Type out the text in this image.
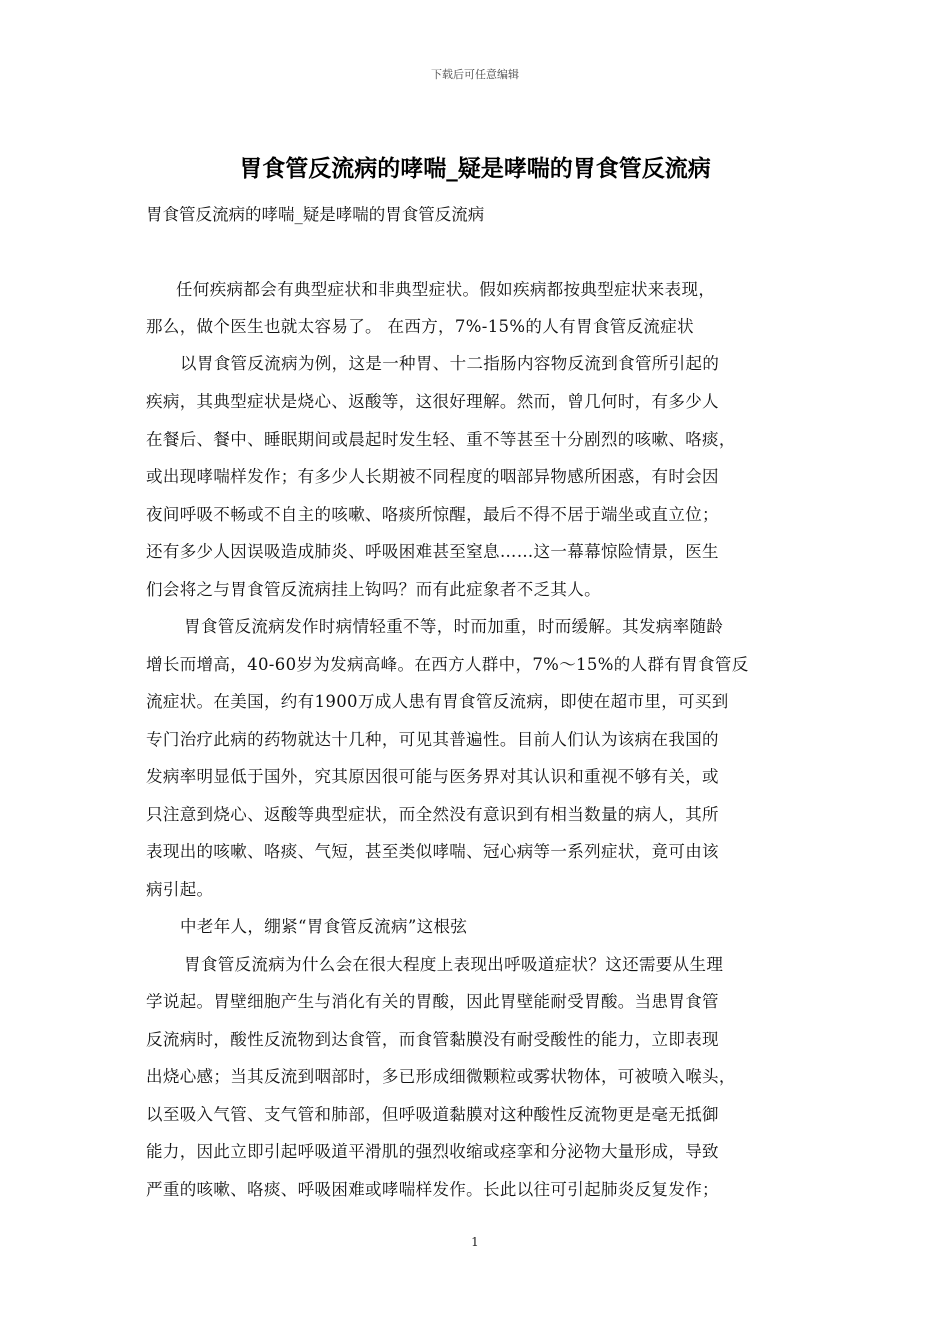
下载后可任意编辑
胃食管反流病的哮喘_疑是哮喘的胃食管反流病
胃食管反流病的哮喘_疑是哮喘的胃食管反流病
任何疾病都会有典型症状和非典型症状。假如疾病都按典型症状来表现，
那么，做个医生也就太容易了。 在西方，7%-15%的人有胃食管反流症状
以胃食管反流病为例，这是一种胃、十二指肠内容物反流到食管所引起的
疾病，其典型症状是烧心、返酸等，这很好理解。然而，曾几何时，有多少人
在餐后、餐中、睡眠期间或晨起时发生轻、重不等甚至十分剧烈的咳嗽、咯痰，
或出现哮喘样发作；有多少人长期被不同程度的咽部异物感所困惑，有时会因
夜间呼吸不畅或不自主的咳嗽、咯痰所惊醒，最后不得不居于端坐或直立位；
还有多少人因误吸造成肺炎、呼吸困难甚至窒息……这一幕幕惊险情景，医生
们会将之与胃食管反流病挂上钩吗？而有此症象者不乏其人。
胃食管反流病发作时病情轻重不等，时而加重，时而缓解。其发病率随龄
增长而增高，40-60岁为发病高峰。在西方人群中，7%～15%的人群有胃食管反
流症状。在美国，约有1900万成人患有胃食管反流病，即使在超市里，可买到
专门治疗此病的药物就达十几种，可见其普遍性。目前人们认为该病在我国的
发病率明显低于国外，究其原因很可能与医务界对其认识和重视不够有关，或
只注意到烧心、返酸等典型症状，而全然没有意识到有相当数量的病人，其所
表现出的咳嗽、咯痰、气短，甚至类似哮喘、冠心病等一系列症状，竟可由该
病引起。
中老年人，绷紧“胃食管反流病”这根弦
胃食管反流病为什么会在很大程度上表现出呼吸道症状？这还需要从生理
学说起。胃壁细胞产生与消化有关的胃酸，因此胃壁能耐受胃酸。当患胃食管
反流病时，酸性反流物到达食管，而食管黏膜没有耐受酸性的能力，立即表现
出烧心感；当其反流到咽部时，多已形成细微颗粒或雾状物体，可被喷入喉头，
以至吸入气管、支气管和肺部，但呼吸道黏膜对这种酸性反流物更是毫无抵御
能力，因此立即引起呼吸道平滑肌的强烈收缩或痉挛和分泌物大量形成，导致
严重的咳嗽、咯痰、呼吸困难或哮喘样发作。长此以往可引起肺炎反复发作；
1
